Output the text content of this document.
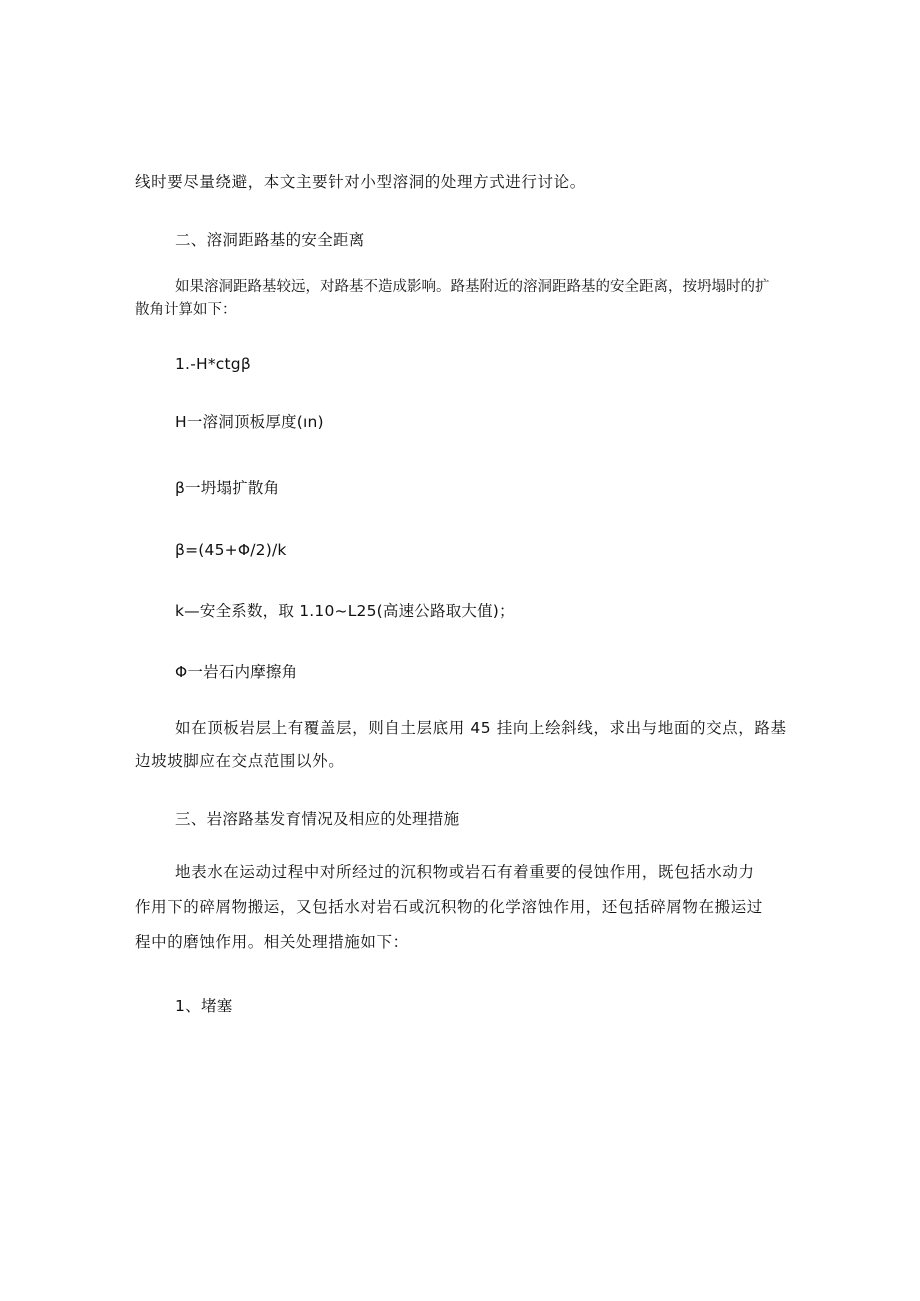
线时要尽量绕避，本文主要针对小型溶洞的处理方式进行讨论。
二、溶洞距路基的安全距离
如果溶洞距路基较远，对路基不造成影响。路基附近的溶洞距路基的安全距离，按坍塌时的扩
散角计算如下：
1.-H*ctgβ
H一溶洞顶板厚度(ın)
β一坍塌扩散角
β=(45+Φ∕2)∕k
k—安全系数，取 1.10~L25(高速公路取大值)；
Φ一岩石内摩擦角
如在顶板岩层上有覆盖层，则自土层底用 45 挂向上绘斜线，求出与地面的交点，路基
边坡坡脚应在交点范围以外。
三、岩溶路基发育情况及相应的处理措施
地表水在运动过程中对所经过的沉积物或岩石有着重要的侵蚀作用，既包括水动力
作用下的碎屑物搬运，又包括水对岩石或沉积物的化学溶蚀作用，还包括碎屑物在搬运过
程中的磨蚀作用。相关处理措施如下：
1、堵塞
